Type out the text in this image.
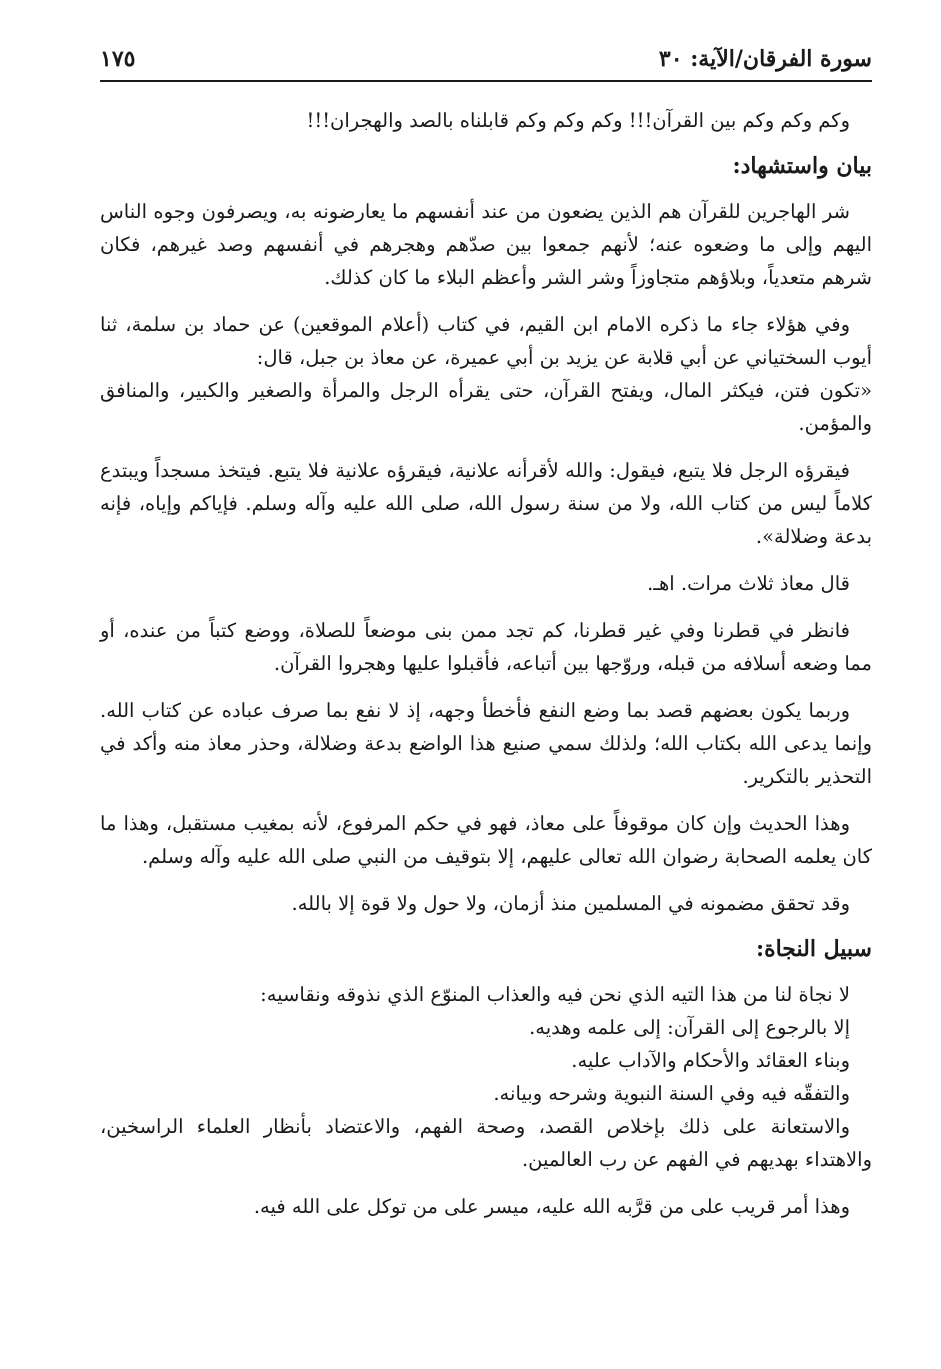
سورة الفرقان/الآية: ٣٠
١٧٥

وكم وكم وكم بين القرآن!!! وكم وكم وكم قابلناه بالصد والهجران!!!

بيان واستشهاد:

شر الهاجرين للقرآن هم الذين يضعون من عند أنفسهم ما يعارضونه به، ويصرفون وجوه الناس اليهم وإلى ما وضعوه عنه؛ لأنهم جمعوا بين صدّهم وهجرهم في أنفسهم وصد غيرهم، فكان شرهم متعدياً، وبلاؤهم متجاوزاً وشر الشر وأعظم البلاء ما كان كذلك.

وفي هؤلاء جاء ما ذكره الامام ابن القيم، في كتاب (أعلام الموقعين) عن حماد بن سلمة، ثنا أيوب السختياني عن أبي قلابة عن يزيد بن أبي عميرة، عن معاذ بن جبل، قال:

«تكون فتن، فيكثر المال، ويفتح القرآن، حتى يقرأه الرجل والمرأة والصغير والكبير، والمنافق والمؤمن.

فيقرؤه الرجل فلا يتبع، فيقول: والله لأقرأنه علانية، فيقرؤه علانية فلا يتبع. فيتخذ مسجداً ويبتدع كلاماً ليس من كتاب الله، ولا من سنة رسول الله، صلى الله عليه وآله وسلم. فإياكم وإياه، فإنه بدعة وضلالة».

قال معاذ ثلاث مرات. اهـ.

فانظر في قطرنا وفي غير قطرنا، كم تجد ممن بنى موضعاً للصلاة، ووضع كتباً من عنده، أو مما وضعه أسلافه من قبله، وروّجها بين أتباعه، فأقبلوا عليها وهجروا القرآن.

وربما يكون بعضهم قصد بما وضع النفع فأخطأ وجهه، إذ لا نفع بما صرف عباده عن كتاب الله. وإنما يدعى الله بكتاب الله؛ ولذلك سمي صنيع هذا الواضع بدعة وضلالة، وحذر معاذ منه وأكد في التحذير بالتكرير.

وهذا الحديث وإن كان موقوفاً على معاذ، فهو في حكم المرفوع، لأنه بمغيب مستقبل، وهذا ما كان يعلمه الصحابة رضوان الله تعالى عليهم، إلا بتوقيف من النبي صلى الله عليه وآله وسلم.

وقد تحقق مضمونه في المسلمين منذ أزمان، ولا حول ولا قوة إلا بالله.

سبيل النجاة:

لا نجاة لنا من هذا التيه الذي نحن فيه والعذاب المنوّع الذي نذوقه ونقاسيه:

إلا بالرجوع إلى القرآن: إلى علمه وهديه.

وبناء العقائد والأحكام والآداب عليه.

والتفقّه فيه وفي السنة النبوية وشرحه وبيانه.

والاستعانة على ذلك بإخلاص القصد، وصحة الفهم، والاعتضاد بأنظار العلماء الراسخين، والاهتداء بهديهم في الفهم عن رب العالمين.

وهذا أمر قريب على من قرَّبه الله عليه، ميسر على من توكل على الله فيه.
